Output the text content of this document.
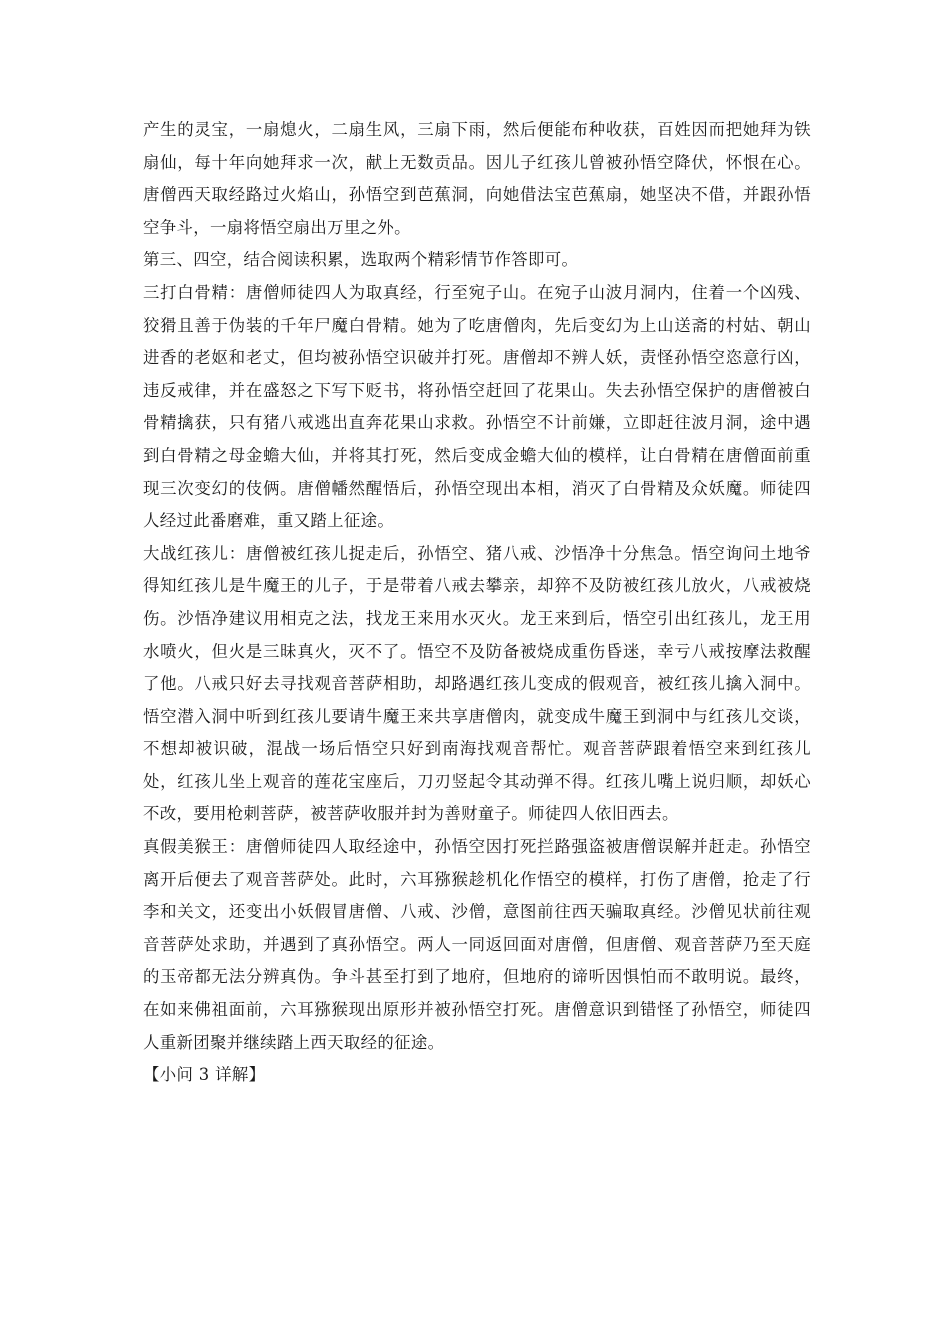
产生的灵宝，一扇熄火，二扇生风，三扇下雨，然后便能布种收获，百姓因而把她拜为铁扇仙，每十年向她拜求一次，献上无数贡品。因儿子红孩儿曾被孙悟空降伏，怀恨在心。唐僧西天取经路过火焰山，孙悟空到芭蕉洞，向她借法宝芭蕉扇，她坚决不借，并跟孙悟空争斗，一扇将悟空扇出万里之外。

第三、四空，结合阅读积累，选取两个精彩情节作答即可。

三打白骨精：唐僧师徒四人为取真经，行至宛子山。在宛子山波月洞内，住着一个凶残、狡猾且善于伪装的千年尸魔白骨精。她为了吃唐僧肉，先后变幻为上山送斋的村姑、朝山进香的老妪和老丈，但均被孙悟空识破并打死。唐僧却不辨人妖，责怪孙悟空恣意行凶，违反戒律，并在盛怒之下写下贬书，将孙悟空赶回了花果山。失去孙悟空保护的唐僧被白骨精擒获，只有猪八戒逃出直奔花果山求救。孙悟空不计前嫌，立即赶往波月洞，途中遇到白骨精之母金蟾大仙，并将其打死，然后变成金蟾大仙的模样，让白骨精在唐僧面前重现三次变幻的伎俩。唐僧幡然醒悟后，孙悟空现出本相，消灭了白骨精及众妖魔。师徒四人经过此番磨难，重又踏上征途。

大战红孩儿：唐僧被红孩儿捉走后，孙悟空、猪八戒、沙悟净十分焦急。悟空询问土地爷得知红孩儿是牛魔王的儿子，于是带着八戒去攀亲，却猝不及防被红孩儿放火，八戒被烧伤。沙悟净建议用相克之法，找龙王来用水灭火。龙王来到后，悟空引出红孩儿，龙王用水喷火，但火是三昧真火，灭不了。悟空不及防备被烧成重伤昏迷，幸亏八戒按摩法救醒了他。八戒只好去寻找观音菩萨相助，却路遇红孩儿变成的假观音，被红孩儿擒入洞中。悟空潜入洞中听到红孩儿要请牛魔王来共享唐僧肉，就变成牛魔王到洞中与红孩儿交谈，不想却被识破，混战一场后悟空只好到南海找观音帮忙。观音菩萨跟着悟空来到红孩儿处，红孩儿坐上观音的莲花宝座后，刀刃竖起令其动弹不得。红孩儿嘴上说归顺，却妖心不改，要用枪刺菩萨，被菩萨收服并封为善财童子。师徒四人依旧西去。

真假美猴王：唐僧师徒四人取经途中，孙悟空因打死拦路强盗被唐僧误解并赶走。孙悟空离开后便去了观音菩萨处。此时，六耳猕猴趁机化作悟空的模样，打伤了唐僧，抢走了行李和关文，还变出小妖假冒唐僧、八戒、沙僧，意图前往西天骗取真经。沙僧见状前往观音菩萨处求助，并遇到了真孙悟空。两人一同返回面对唐僧，但唐僧、观音菩萨乃至天庭的玉帝都无法分辨真伪。争斗甚至打到了地府，但地府的谛听因惧怕而不敢明说。最终，在如来佛祖面前，六耳猕猴现出原形并被孙悟空打死。唐僧意识到错怪了孙悟空，师徒四人重新团聚并继续踏上西天取经的征途。

【小问 3 详解】
